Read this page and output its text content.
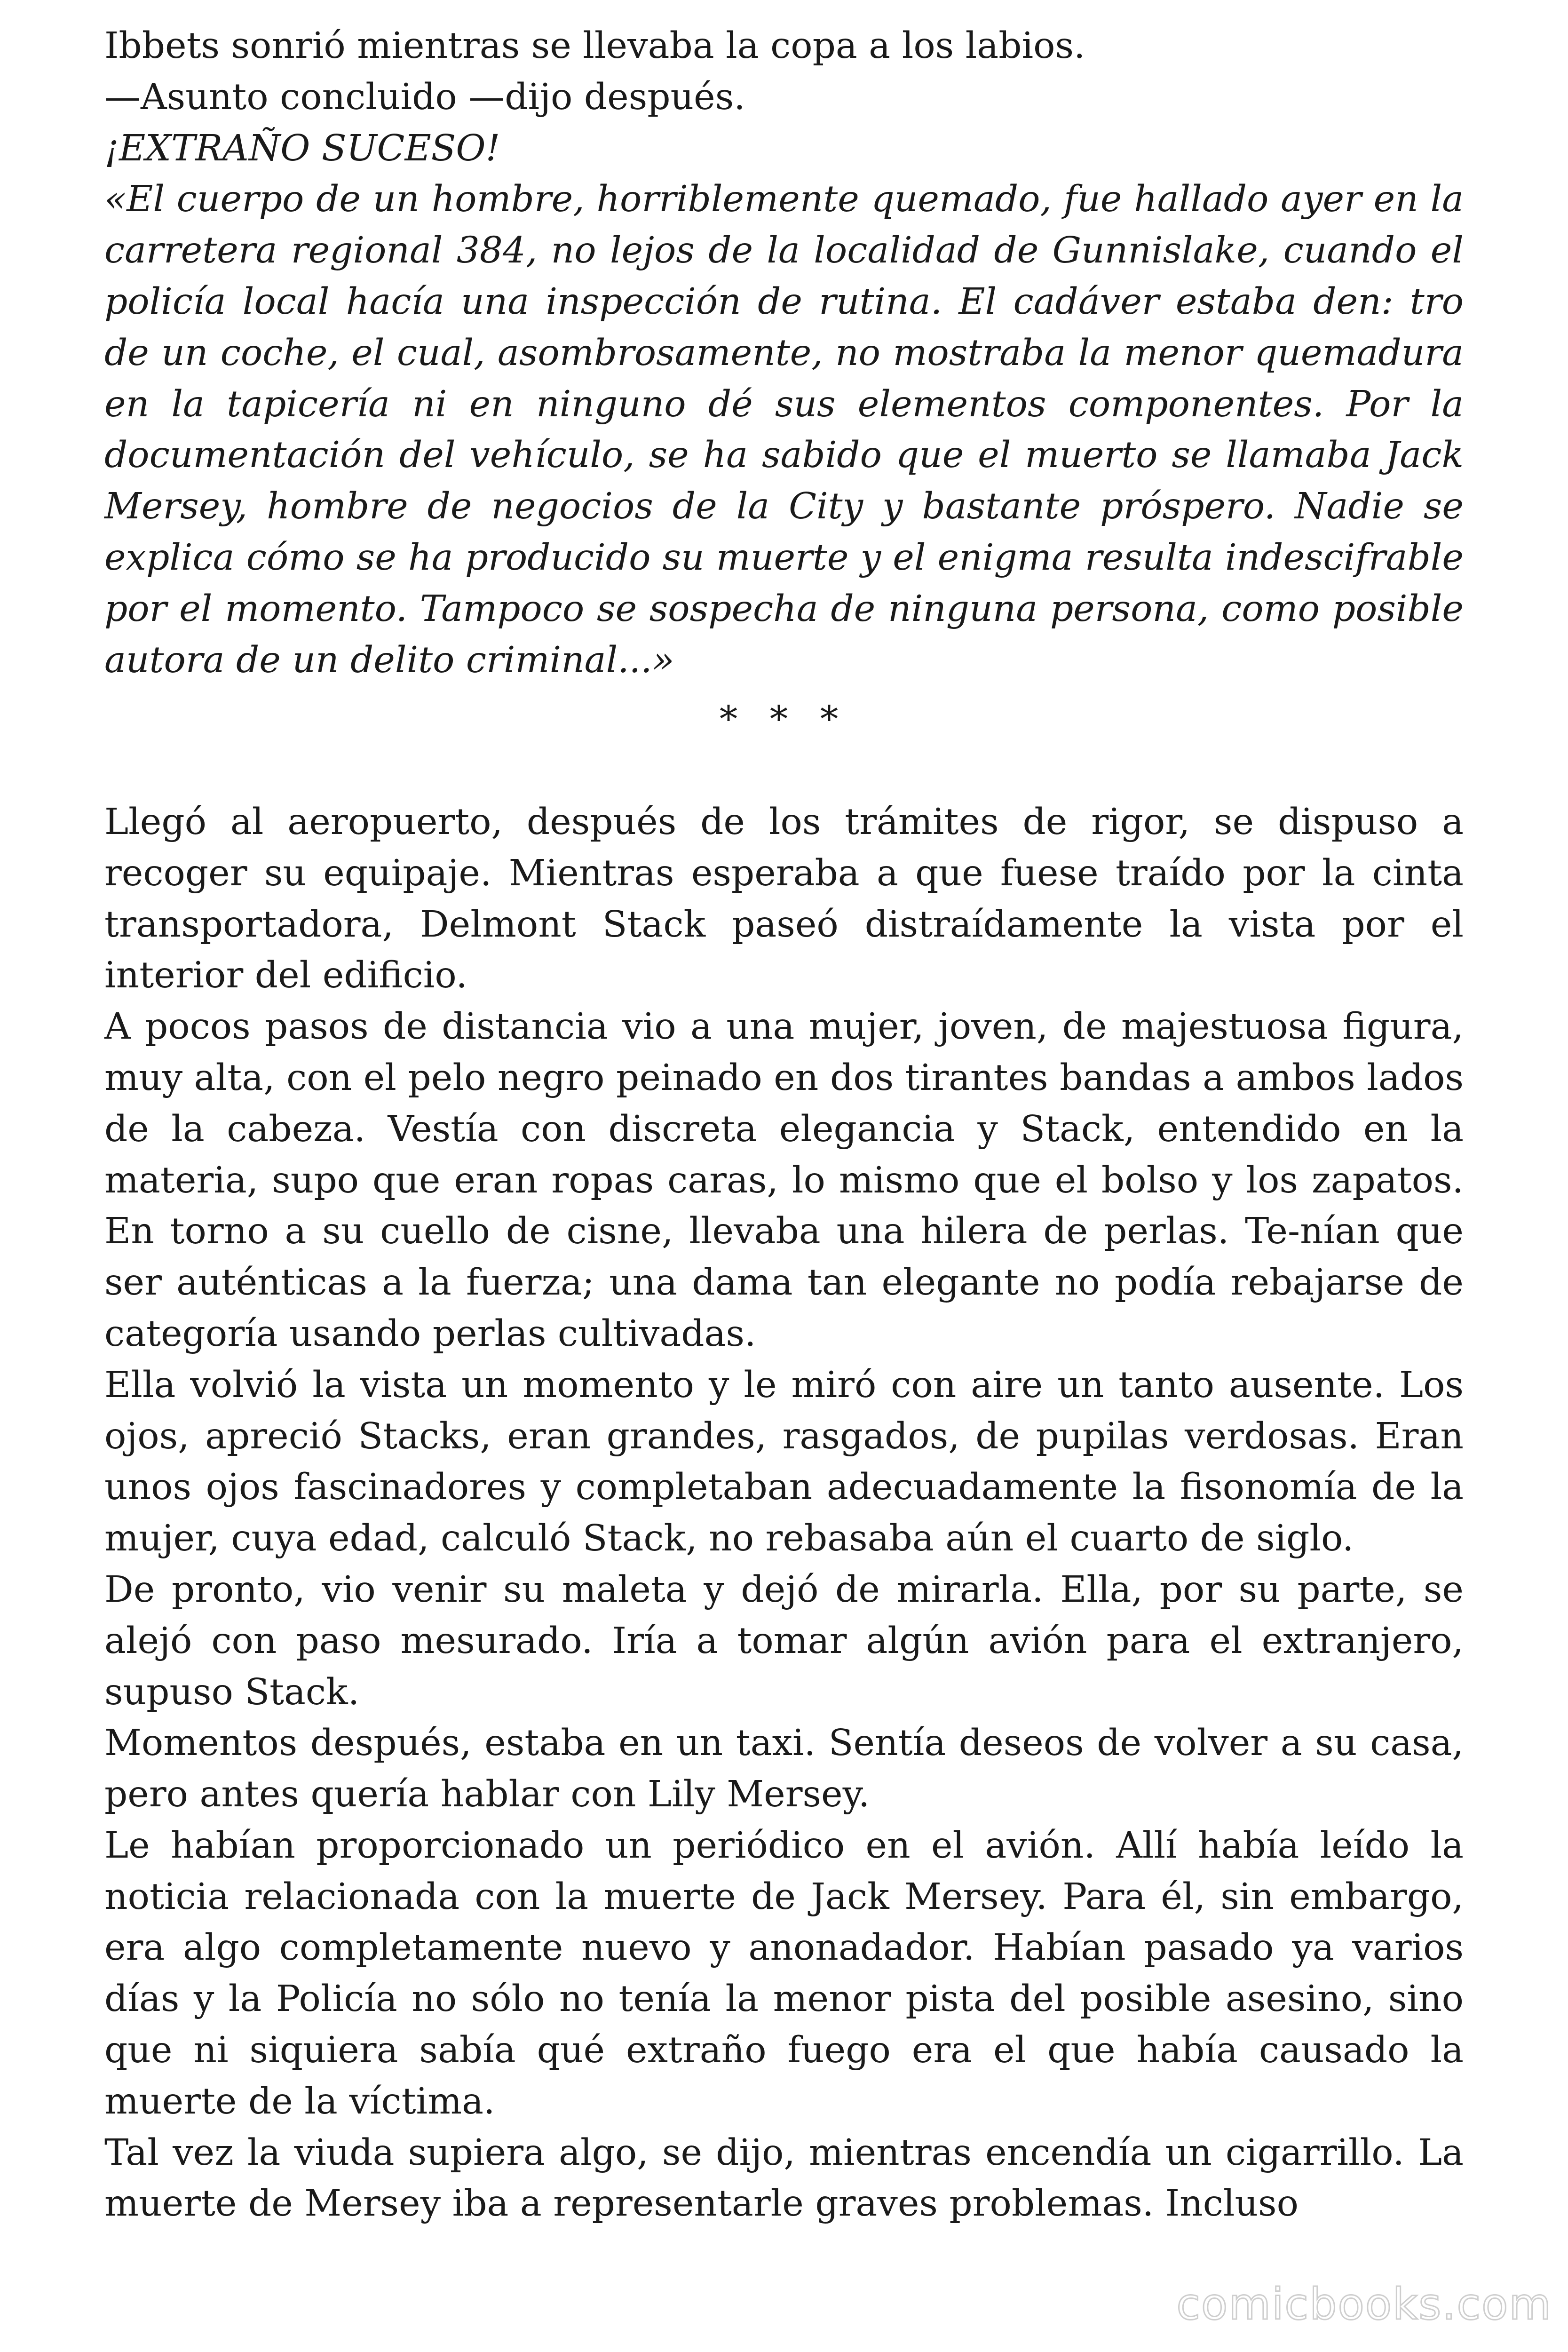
Ibbets sonrió mientras se llevaba la copa a los labios.

—Asunto concluido —dijo después.

¡EXTRAÑO SUCESO!

«El cuerpo de un hombre, horriblemente quemado, fue hallado ayer en la carretera regional 384, no lejos de la localidad de Gunnislake, cuando el policía local hacía una inspección de rutina. El cadáver estaba den: tro de un coche, el cual, asombrosamente, no mostraba la menor quemadura en la tapicería ni en ninguno dé sus elementos componentes. Por la documentación del vehículo, se ha sabido que el muerto se llamaba Jack Mersey, hombre de negocios de la City y bastante próspero. Nadie se explica cómo se ha producido su muerte y el enigma resulta indescifrable por el momento. Tampoco se sospecha de ninguna persona, como posible autora de un delito criminal...»

* * *

Llegó al aeropuerto, después de los trámites de rigor, se dispuso a recoger su equipaje. Mientras esperaba a que fuese traído por la cinta transportadora, Delmont Stack paseó distraídamente la vista por el interior del edificio.

A pocos pasos de distancia vio a una mujer, joven, de majestuosa figura, muy alta, con el pelo negro peinado en dos tirantes bandas a ambos lados de la cabeza. Vestía con discreta elegancia y Stack, entendido en la materia, supo que eran ropas caras, lo mismo que el bolso y los zapatos. En torno a su cuello de cisne, llevaba una hilera de perlas. Te-nían que ser auténticas a la fuerza; una dama tan elegante no podía rebajarse de categoría usando perlas cultivadas.

Ella volvió la vista un momento y le miró con aire un tanto ausente. Los ojos, apreció Stacks, eran grandes, rasgados, de pupilas verdosas. Eran unos ojos fascinadores y completaban adecuadamente la fisonomía de la mujer, cuya edad, calculó Stack, no rebasaba aún el cuarto de siglo.

De pronto, vio venir su maleta y dejó de mirarla. Ella, por su parte, se alejó con paso mesurado. Iría a tomar algún avión para el extranjero, supuso Stack.

Momentos después, estaba en un taxi. Sentía deseos de volver a su casa, pero antes quería hablar con Lily Mersey.

Le habían proporcionado un periódico en el avión. Allí había leído la noticia relacionada con la muerte de Jack Mersey. Para él, sin embargo, era algo completamente nuevo y anonadador. Habían pasado ya varios días y la Policía no sólo no tenía la menor pista del posible asesino, sino que ni siquiera sabía qué extraño fuego era el que había causado la muerte de la víctima.

Tal vez la viuda supiera algo, se dijo, mientras encendía un cigarrillo. La muerte de Mersey iba a representarle graves problemas. Incluso

comicbooks.com
